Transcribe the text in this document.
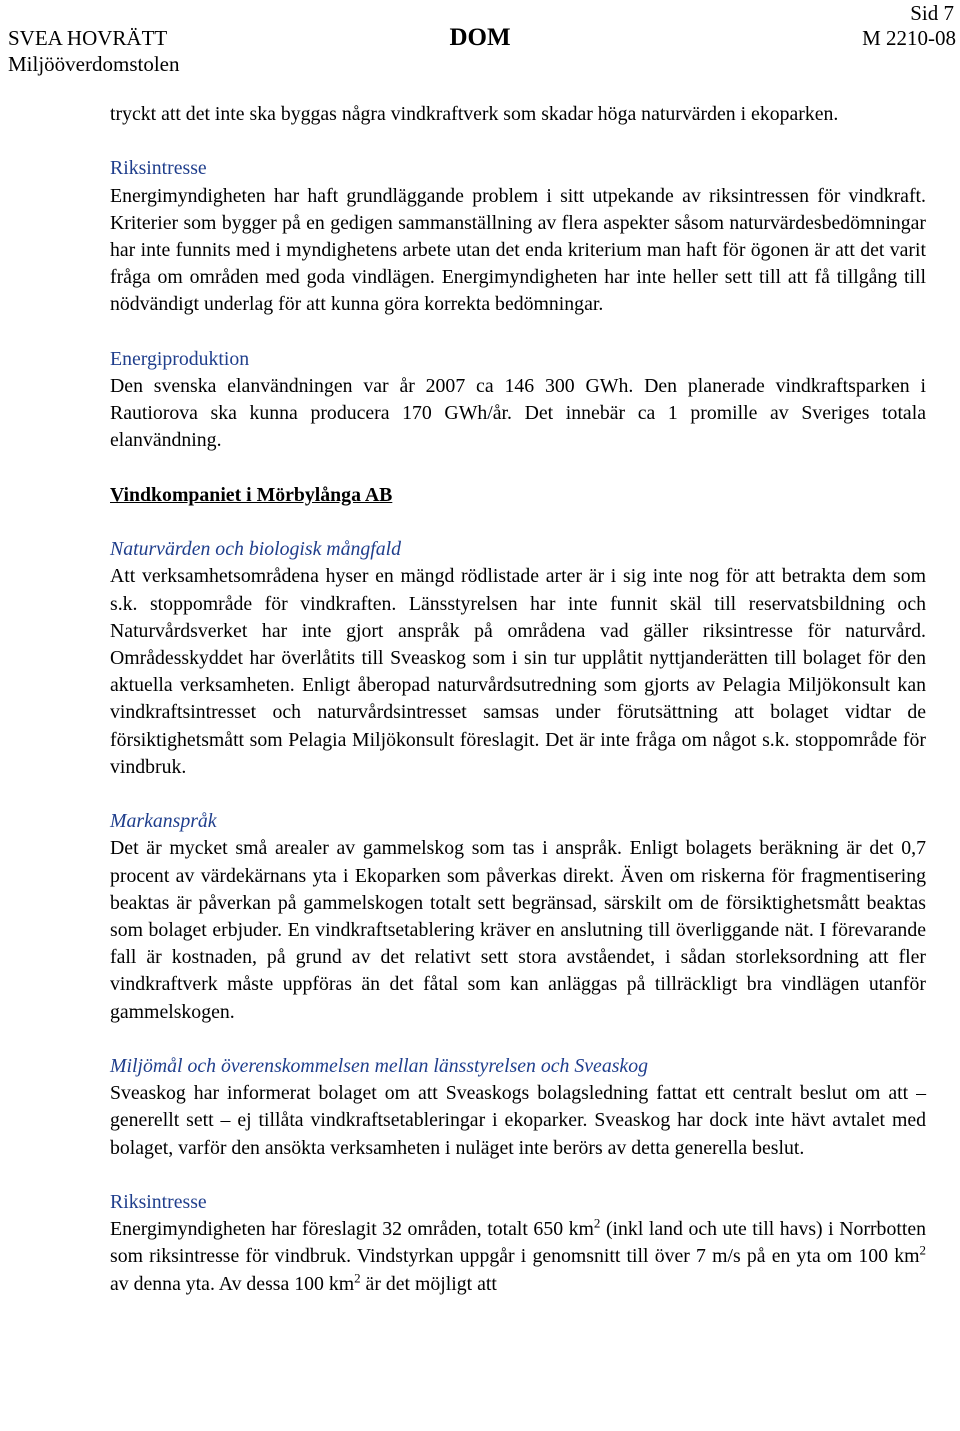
Sid 7
SVEA HOVRÄTT
Miljööverdomstolen
DOM	M 2210-08

tryckt att det inte ska byggas några vindkraftverk som skadar höga naturvärden i ekoparken.

Riksintresse

Energimyndigheten har haft grundläggande problem i sitt utpekande av riksintressen för vindkraft. Kriterier som bygger på en gedigen sammanställning av flera aspekter såsom naturvärdesbedömningar har inte funnits med i myndighetens arbete utan det enda kriterium man haft för ögonen är att det varit fråga om områden med goda vindlägen. Energimyndigheten har inte heller sett till att få tillgång till nödvändigt underlag för att kunna göra korrekta bedömningar.

Energiproduktion

Den svenska elanvändningen var år 2007 ca 146 300 GWh. Den planerade vindkraftsparken i Rautiorova ska kunna producera 170 GWh/år. Det innebär ca 1 promille av Sveriges totala elanvändning.

Vindkompaniet i Mörbylånga AB

Naturvärden och biologisk mångfald

Att verksamhetsområdena hyser en mängd rödlistade arter är i sig inte nog för att betrakta dem som s.k. stoppområde för vindkraften. Länsstyrelsen har inte funnit skäl till reservatsbildning och Naturvårdsverket har inte gjort anspråk på områdena vad gäller riksintresse för naturvård. Områdesskyddet har överlåtits till Sveaskog som i sin tur upplåtit nyttjanderätten till bolaget för den aktuella verksamheten. Enligt åberopad naturvårdsutredning som gjorts av Pelagia Miljökonsult kan vindkraftsintresset och naturvårdsintresset samsas under förutsättning att bolaget vidtar de försiktighetsmått som Pelagia Miljökonsult föreslagit. Det är inte fråga om något s.k. stoppområde för vindbruk.

Markanspråk

Det är mycket små arealer av gammelskog som tas i anspråk. Enligt bolagets beräkning är det 0,7 procent av värdekärnans yta i Ekoparken som påverkas direkt. Även om riskerna för fragmentisering beaktas är påverkan på gammelskogen totalt sett begränsad, särskilt om de försiktighetsmått beaktas som bolaget erbjuder. En vindkraftsetablering kräver en anslutning till överliggande nät. I förevarande fall är kostnaden, på grund av det relativt sett stora avståendet, i sådan storleksordning att fler vindkraftverk måste uppföras än det fåtal som kan anläggas på tillräckligt bra vindlägen utanför gammelskogen.

Miljömål och överenskommelsen mellan länsstyrelsen och Sveaskog

Sveaskog har informerat bolaget om att Sveaskogs bolagsledning fattat ett centralt beslut om att – generellt sett – ej tillåta vindkraftsetableringar i ekoparker. Sveaskog har dock inte hävt avtalet med bolaget, varför den ansökta verksamheten i nuläget inte berörs av detta generella beslut.

Riksintresse

Energimyndigheten har föreslagit 32 områden, totalt 650 $km^2$ (inkl land och ute till havs) i Norrbotten som riksintresse för vindbruk. Vindstyrkan uppgår i genomsnitt till över 7 m/s på en yta om 100 $km^2$ av denna yta. Av dessa 100 $km^2$ är det möjligt att
